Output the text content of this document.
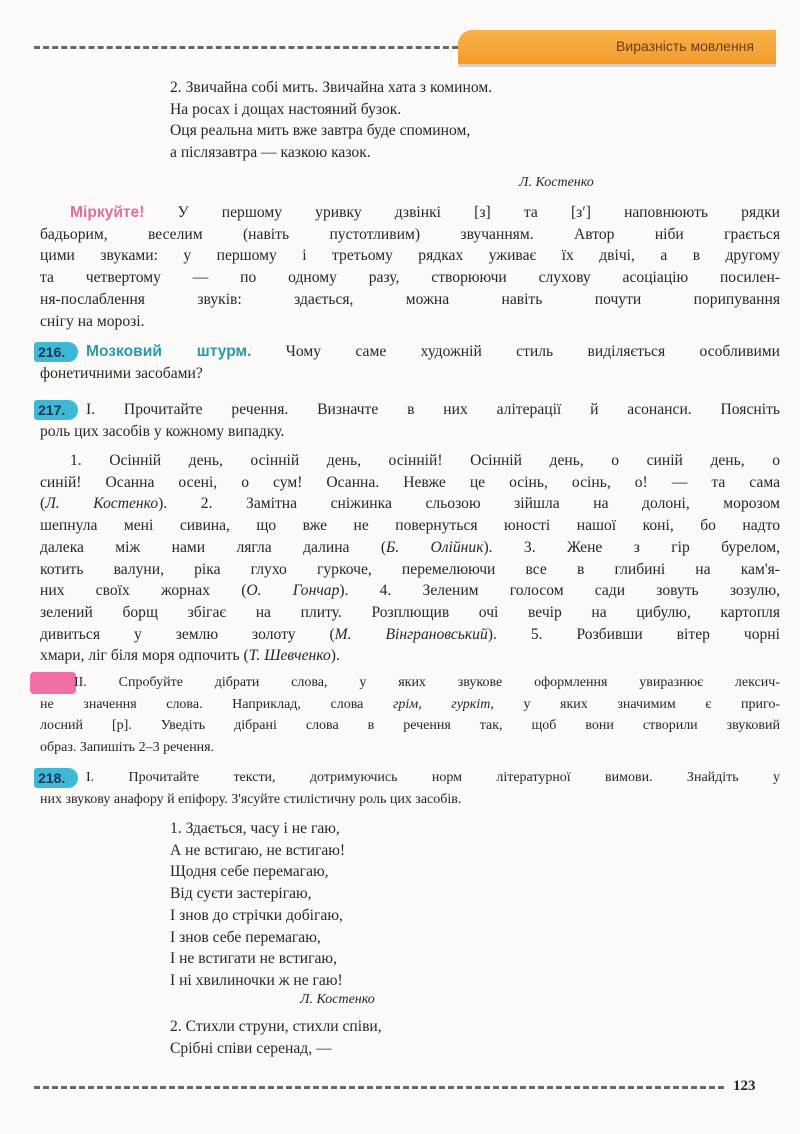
Виразність мовлення
2. Звичайна собі мить. Звичайна хата з комином.
На росах і дощах настояний бузок.
Оця реальна мить вже завтра буде спомином,
а післязавтра — казкою казок.
Л. Костенко
Міркуйте! У першому уривку дзвінкі [з] та [з′] наповнюють рядки
бадьорим, веселим (навіть пустотливим) звучанням. Автор ніби грається
цими звуками: у першому і третьому рядках уживає їх двічі, а в другому
та четвертому — по одному разу, створюючи слухову асоціацію посилен-
ня-послаблення звуків: здається, можна навіть почути порипування
снігу на морозі.
216.	Мозковий штурм. Чому саме художній стиль виділяється особливими
фонетичними засобами?
217.	І. Прочитайте речення. Визначте в них алітерації й асонанси. Поясніть
роль цих засобів у кожному випадку.
1. Осінній день, осінній день, осінній! Осінній день, о синій день, о
синій! Осанна осені, о сум! Осанна. Невже це осінь, осінь, о! — та сама
(Л. Костенко). 2. Замітна сніжинка сльозою зійшла на долоні, морозом
шепнула мені сивина, що вже не повернуться юності нашої коні, бо надто
далека між нами лягла далина (Б. Олійник). 3. Жене з гір бурелом,
котить валуни, ріка глухо гуркоче, перемелюючи все в глибині на кам'я-
них своїх жорнах (О. Гончар). 4. Зеленим голосом сади зовуть зозулю,
зелений борщ збігає на плиту. Розплющив очі вечір на цибулю, картопля
дивиться у землю золоту (М. Вінграновський). 5. Розбивши вітер чорні
хмари, ліг біля моря одпочить (Т. Шевченко).
ІІ. Спробуйте дібрати слова, у яких звукове оформлення увиразнює лексич-
не значення слова. Наприклад, слова грім, гуркіт, у яких значимим є приго-
лосний [р]. Уведіть дібрані слова в речення так, щоб вони створили звуковий
образ. Запишіть 2–3 речення.
218.	І. Прочитайте тексти, дотримуючись норм літературної вимови. Знайдіть у
них звукову анафору й епіфору. З'ясуйте стилістичну роль цих засобів.
1. Здається, часу і не гаю,
А не встигаю, не встигаю!
Щодня себе перемагаю,
Від суєти застерігаю,
І знов до стрічки добігаю,
І знов себе перемагаю,
І не встигати не встигаю,
І ні хвилиночки ж не гаю!
Л. Костенко
2. Стихли струни, стихли співи,
Срібні співи серенад, —
123
